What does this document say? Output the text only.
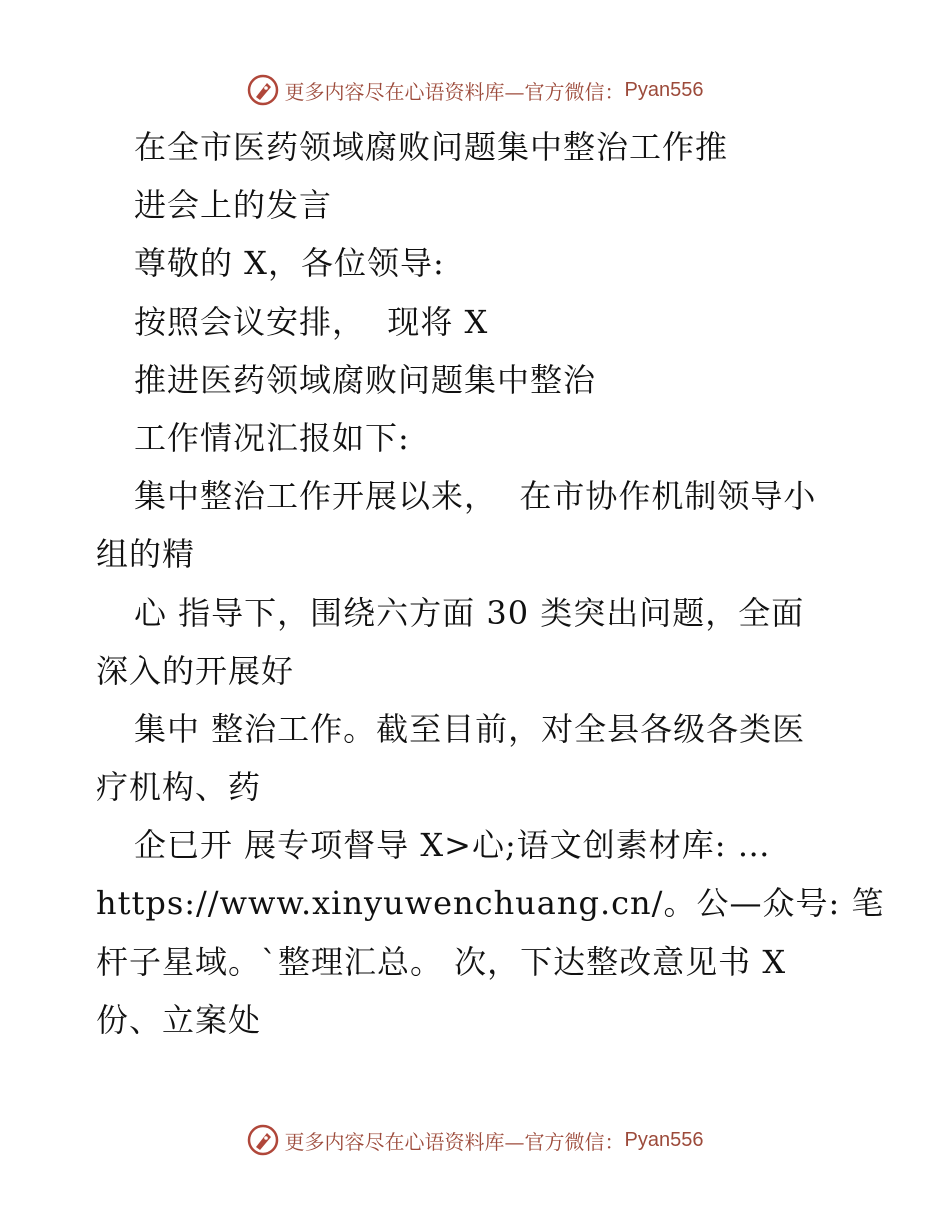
更多内容尽在心语资料库—官方微信： Pyan556
在全市医药领域腐败问题集中整治工作推
进会上的发言
尊敬的 X，各位领导:
按照会议安排，  现将 X
推进医药领域腐败问题集中整治
工作情况汇报如下:
集中整治工作开展以来，  在市协作机制领导小
组的精
心 指导下，围绕六方面 30 类突出问题，全面
深入的开展好
集中 整治工作。截至目前，对全县各级各类医
疗机构、药
企已开 展专项督导 X>心;语文创素材库: …
https://www.xinyuwenchuang.cn/。公—众号: 笔
杆子星域。`整理汇总。 次，下达整改意见书 X
份、立案处
更多内容尽在心语资料库—官方微信： Pyan556
